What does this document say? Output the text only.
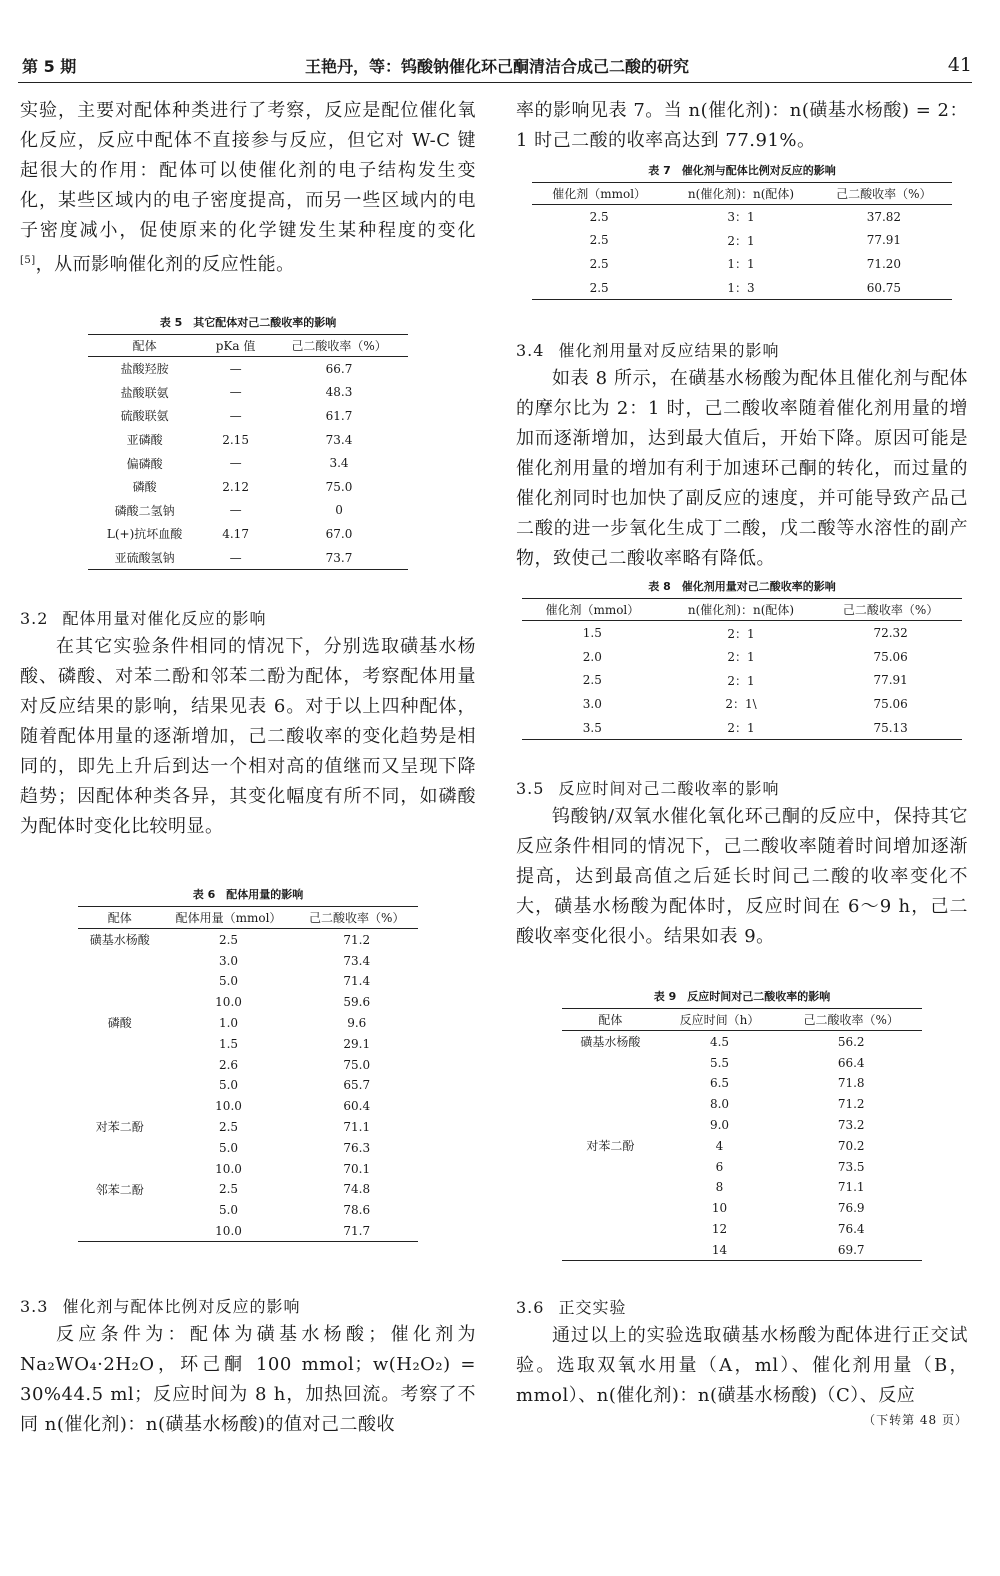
第 5 期	王艳丹，等：钨酸钠催化环己酮清洁合成己二酸的研究	41

实验，主要对配体种类进行了考察，反应是配位催化氧化反应，反应中配体不直接参与反应，但它对 W-C 键起很大的作用：配体可以使催化剂的电子结构发生变化，某些区域内的电子密度提高，而另一些区域内的电子密度减小，促使原来的化学键发生某种程度的变化[5]，从而影响催化剂的反应性能。

表 5　其它配体对己二酸收率的影响
配体	pKa 值	己二酸收率（%）
盐酸羟胺	—	66.7
盐酸联氨	—	48.3
硫酸联氨	—	61.7
亚磷酸	2.15	73.4
偏磷酸	—	3.4
磷酸	2.12	75.0
磷酸二氢钠	—	0
L(+)抗坏血酸	4.17	67.0
亚硫酸氢钠	—	73.7
3.2 配体用量对催化反应的影响

在其它实验条件相同的情况下，分别选取磺基水杨酸、磷酸、对苯二酚和邻苯二酚为配体，考察配体用量对反应结果的影响，结果见表 6。对于以上四种配体，随着配体用量的逐渐增加，己二酸收率的变化趋势是相同的，即先上升后到达一个相对高的值继而又呈现下降趋势；因配体种类各异，其变化幅度有所不同，如磷酸为配体时变化比较明显。

表 6　配体用量的影响
配体	配体用量（mmol）	己二酸收率（%）
磺基水杨酸	2.5	71.2
	3.0	73.4
	5.0	71.4
	10.0	59.6
磷酸	1.0	9.6
	1.5	29.1
	2.6	75.0
	5.0	65.7
	10.0	60.4
对苯二酚	2.5	71.1
	5.0	76.3
	10.0	70.1
邻苯二酚	2.5	74.8
	5.0	78.6
	10.0	71.7
3.3 催化剂与配体比例对反应的影响

反应条件为：配体为磺基水杨酸；催化剂为 Na₂WO₄·2H₂O，环己酮 100 mmol；w(H₂O₂) = 30%44.5 ml；反应时间为 8 h，加热回流。考察了不同 n(催化剂)：n(磺基水杨酸)的值对己二酸收

率的影响见表 7。当 n(催化剂)：n(磺基水杨酸) = 2：1 时己二酸的收率高达到 77.91%。

表 7　催化剂与配体比例对反应的影响
催化剂（mmol）	n(催化剂)：n(配体)	己二酸收率（%）
2.5	3：1	37.82
2.5	2：1	77.91
2.5	1：1	71.20
2.5	1：3	60.75
3.4 催化剂用量对反应结果的影响

如表 8 所示，在磺基水杨酸为配体且催化剂与配体的摩尔比为 2：1 时，己二酸收率随着催化剂用量的增加而逐渐增加，达到最大值后，开始下降。原因可能是催化剂用量的增加有利于加速环己酮的转化，而过量的催化剂同时也加快了副反应的速度，并可能导致产品己二酸的进一步氧化生成丁二酸，戊二酸等水溶性的副产物，致使己二酸收率略有降低。

表 8　催化剂用量对己二酸收率的影响
催化剂（mmol）	n(催化剂)：n(配体)	己二酸收率（%）
1.5	2：1	72.32
2.0	2：1	75.06
2.5	2：1	77.91
3.0	2：1\	75.06
3.5	2：1	75.13
3.5 反应时间对己二酸收率的影响

钨酸钠/双氧水催化氧化环己酮的反应中，保持其它反应条件相同的情况下，己二酸收率随着时间增加逐渐提高，达到最高值之后延长时间己二酸的收率变化不大，磺基水杨酸为配体时，反应时间在 6～9 h，己二酸收率变化很小。结果如表 9。

表 9　反应时间对己二酸收率的影响
配体	反应时间（h）	己二酸收率（%）
磺基水杨酸	4.5	56.2
	5.5	66.4
	6.5	71.8
	8.0	71.2
	9.0	73.2
对苯二酚	4	70.2
	6	73.5
	8	71.1
	10	76.9
	12	76.4
	14	69.7
3.6 正交实验

通过以上的实验选取磺基水杨酸为配体进行正交试验。选取双氧水用量（A，ml）、催化剂用量（B，mmol）、n(催化剂)：n(磺基水杨酸)（C）、反应

（下转第 48 页）
